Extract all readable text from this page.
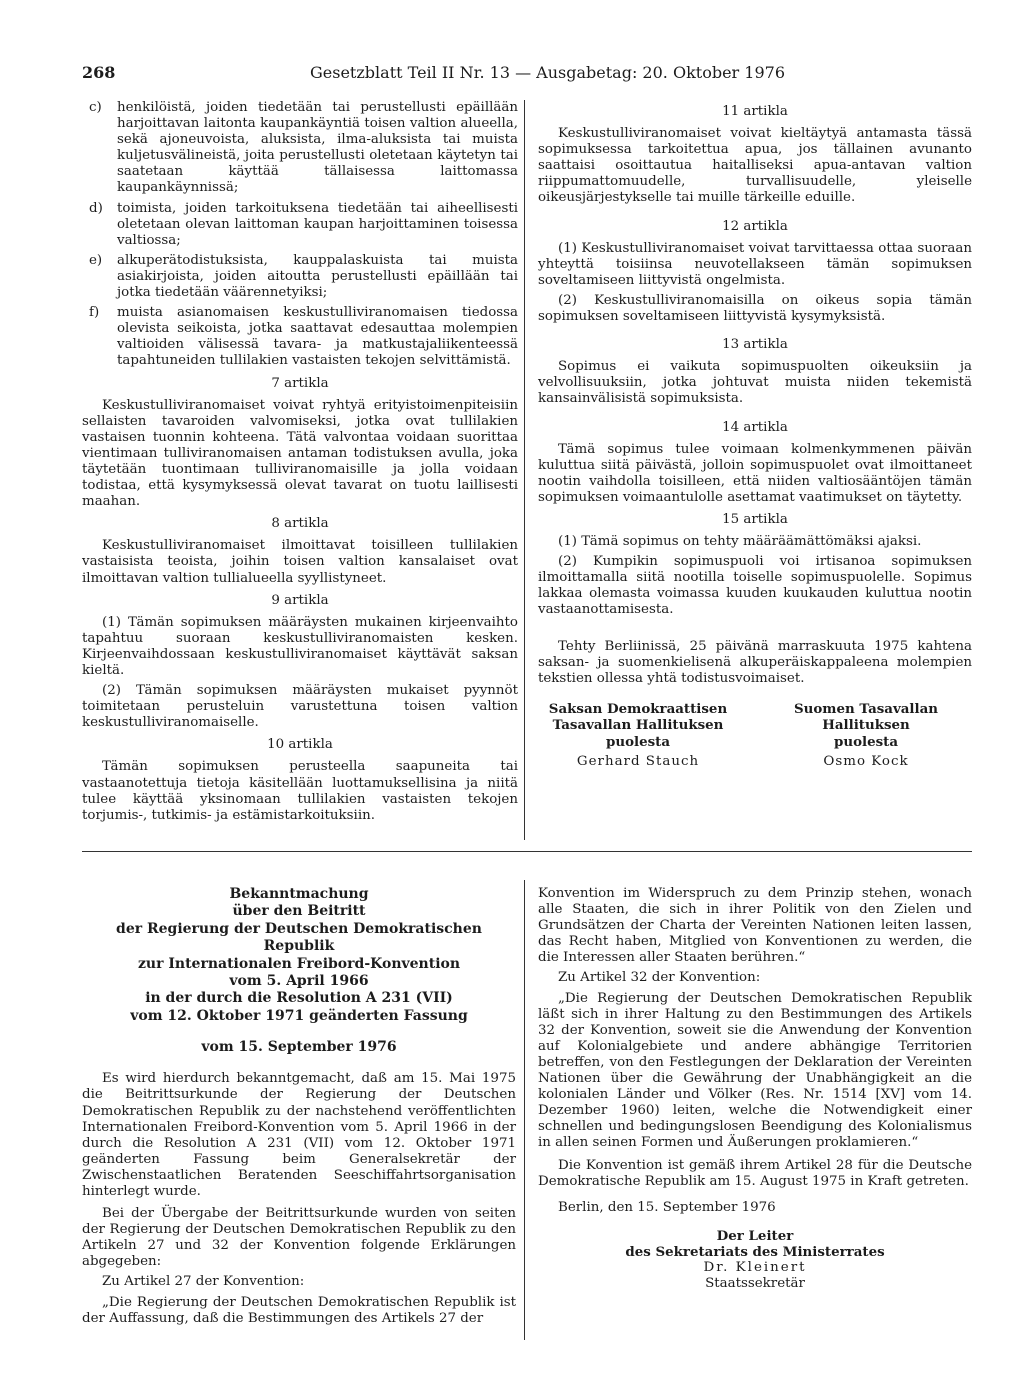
268	Gesetzblatt Teil II Nr. 13 — Ausgabetag: 20. Oktober 1976
c) henkilöistä, joiden tiedetään tai perustellusti epäillään harjoittavan laitonta kaupankäyntiä toisen valtion alueella, sekä ajoneuvoista, aluksista, ilma-aluksista tai muista kuljetusvälineistä, joita perustellusti oletetaan käytetyn tai saatetaan käyttää tällaisessa laittomassa kaupankäynnissä;
d) toimista, joiden tarkoituksena tiedetään tai aiheellisesti oletetaan olevan laittoman kaupan harjoittaminen toisessa valtiossa;
e) alkuperätodistuksista, kauppalaskuista tai muista asiakirjoista, joiden aitoutta perustellusti epäillään tai jotka tiedetään väärennetyiksi;
f) muista asianomaisen keskustulliviranomaisen tiedossa olevista seikoista, jotka saattavat edesauttaa molempien valtioiden välisessä tavara- ja matkustajaliikenteessä tapahtuneiden tullilakien vastaisten tekojen selvittämistä.
7 artikla

Keskustulliviranomaiset voivat ryhtyä erityistoimenpiteisiin sellaisten tavaroiden valvomiseksi, jotka ovat tullilakien vastaisen tuonnin kohteena. Tätä valvontaa voidaan suorittaa vientimaan tulliviranomaisen antaman todistuksen avulla, joka täytetään tuontimaan tulliviranomaisille ja jolla voidaan todistaa, että kysymyksessä olevat tavarat on tuotu laillisesti maahan.

8 artikla

Keskustulliviranomaiset ilmoittavat toisilleen tullilakien vastaisista teoista, joihin toisen valtion kansalaiset ovat ilmoittavan valtion tullialueella syyllistyneet.

9 artikla

(1) Tämän sopimuksen määräysten mukainen kirjeenvaihto tapahtuu suoraan keskustulliviranomaisten kesken. Kirjeenvaihdossaan keskustulliviranomaiset käyttävät saksan kieltä.

(2) Tämän sopimuksen määräysten mukaiset pyynnöt toimitetaan perusteluin varustettuna toisen valtion keskustulliviranomaiselle.

10 artikla

Tämän sopimuksen perusteella saapuneita tai vastaanotettuja tietoja käsitellään luottamuksellisina ja niitä tulee käyttää yksinomaan tullilakien vastaisten tekojen torjumis-, tutkimis- ja estämistarkoituksiin.

11 artikla

Keskustulliviranomaiset voivat kieltäytyä antamasta tässä sopimuksessa tarkoitettua apua, jos tällainen avunanto saattaisi osoittautua haitalliseksi apua-antavan valtion riippumattomuudelle, turvallisuudelle, yleiselle oikeusjärjestykselle tai muille tärkeille eduille.

12 artikla

(1) Keskustulliviranomaiset voivat tarvittaessa ottaa suoraan yhteyttä toisiinsa neuvotellakseen tämän sopimuksen soveltamiseen liittyvistä ongelmista.

(2) Keskustulliviranomaisilla on oikeus sopia tämän sopimuksen soveltamiseen liittyvistä kysymyksistä.

13 artikla

Sopimus ei vaikuta sopimuspuolten oikeuksiin ja velvollisuuksiin, jotka johtuvat muista niiden tekemistä kansainvälisistä sopimuksista.

14 artikla

Tämä sopimus tulee voimaan kolmenkymmenen päivän kuluttua siitä päivästä, jolloin sopimuspuolet ovat ilmoittaneet nootin vaihdolla toisilleen, että niiden valtiosääntöjen tämän sopimuksen voimaantulolle asettamat vaatimukset on täytetty.

15 artikla

(1) Tämä sopimus on tehty määräämättömäksi ajaksi.

(2) Kumpikin sopimuspuoli voi irtisanoa sopimuksen ilmoittamalla siitä nootilla toiselle sopimuspuolelle. Sopimus lakkaa olemasta voimassa kuuden kuukauden kuluttua nootin vastaanottamisesta.

Tehty Berliinissä, 25 päivänä marraskuuta 1975 kahtena saksan- ja suomenkielisenä alkuperäiskappaleena molempien tekstien ollessa yhtä todistusvoimaiset.

Saksan Demokraattisen
Tasavallan Hallituksen
puolesta
Gerhard Stauch
Suomen Tasavallan
Hallituksen
puolesta
Osmo Kock
Bekanntmachung
über den Beitritt
der Regierung der Deutschen Demokratischen Republik
zur Internationalen Freibord-Konvention
vom 5. April 1966
in der durch die Resolution A 231 (VII)
vom 12. Oktober 1971 geänderten Fassung
vom 15. September 1976

Es wird hierdurch bekanntgemacht, daß am 15. Mai 1975 die Beitrittsurkunde der Regierung der Deutschen Demokratischen Republik zu der nachstehend veröffentlichten Internationalen Freibord-Konvention vom 5. April 1966 in der durch die Resolution A 231 (VII) vom 12. Oktober 1971 geänderten Fassung beim Generalsekretär der Zwischenstaatlichen Beratenden Seeschiffahrtsorganisation hinterlegt wurde.

Bei der Übergabe der Beitrittsurkunde wurden von seiten der Regierung der Deutschen Demokratischen Republik zu den Artikeln 27 und 32 der Konvention folgende Erklärungen abgegeben:

Zu Artikel 27 der Konvention:

„Die Regierung der Deutschen Demokratischen Republik ist der Auffassung, daß die Bestimmungen des Artikels 27 der

Konvention im Widerspruch zu dem Prinzip stehen, wonach alle Staaten, die sich in ihrer Politik von den Zielen und Grundsätzen der Charta der Vereinten Nationen leiten lassen, das Recht haben, Mitglied von Konventionen zu werden, die die Interessen aller Staaten berühren.“

Zu Artikel 32 der Konvention:

„Die Regierung der Deutschen Demokratischen Republik läßt sich in ihrer Haltung zu den Bestimmungen des Artikels 32 der Konvention, soweit sie die Anwendung der Konvention auf Kolonialgebiete und andere abhängige Territorien betreffen, von den Festlegungen der Deklaration der Vereinten Nationen über die Gewährung der Unabhängigkeit an die kolonialen Länder und Völker (Res. Nr. 1514 [XV] vom 14. Dezember 1960) leiten, welche die Notwendigkeit einer schnellen und bedingungslosen Beendigung des Kolonialismus in allen seinen Formen und Äußerungen proklamieren.“

Die Konvention ist gemäß ihrem Artikel 28 für die Deutsche Demokratische Republik am 15. August 1975 in Kraft getreten.

Berlin, den 15. September 1976

Der Leiter
des Sekretariats des Ministerrates
Dr. Kleinert
Staatssekretär
